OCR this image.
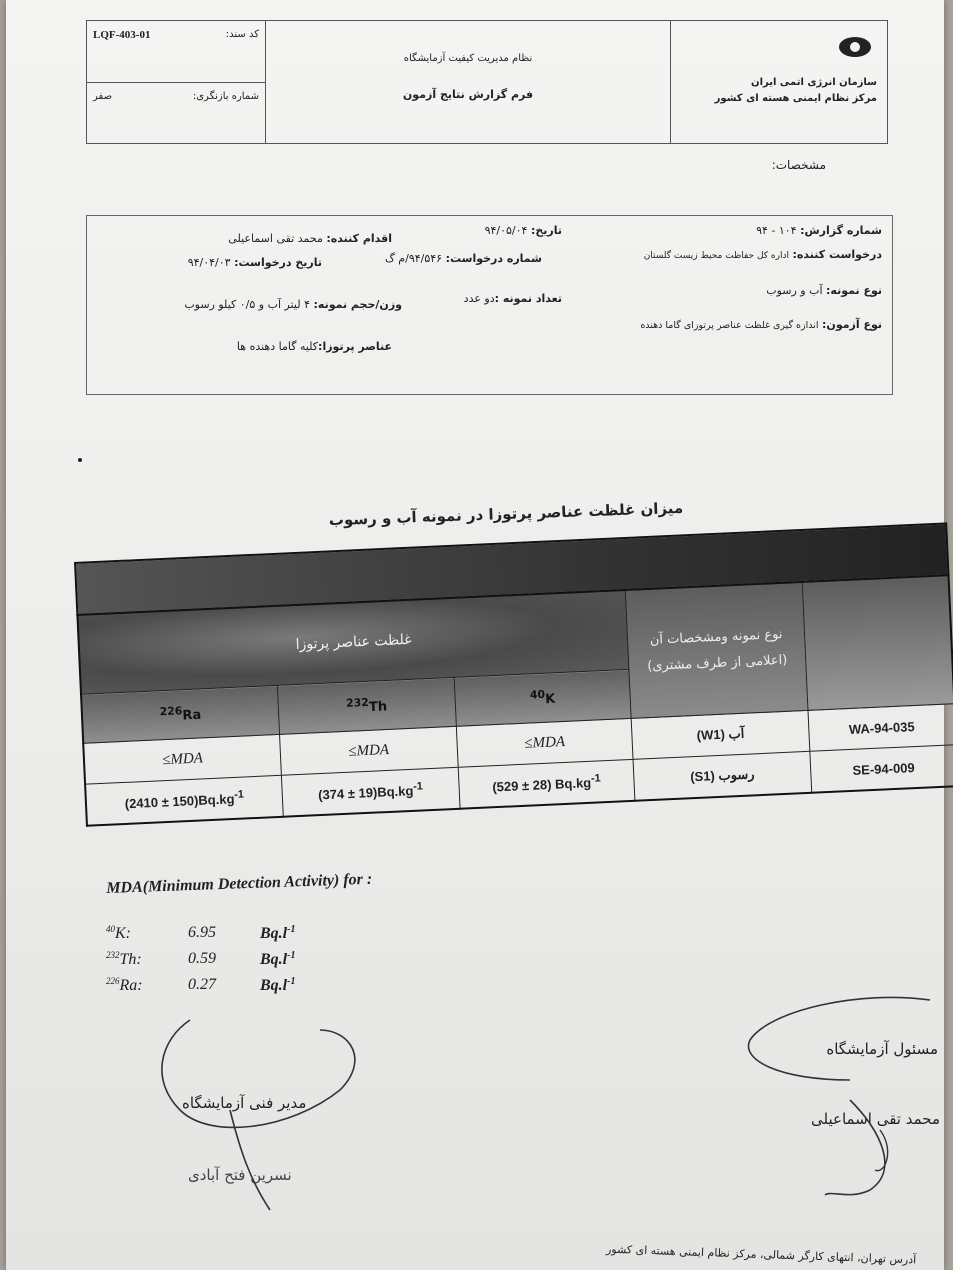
کد سند:
LQF-403-01
شماره بازنگری:
صفر
نظام مدیریت کیفیت آزمایشگاه
فرم گزارش نتایج آزمون
سازمان انرژی اتمی ایران
مرکز نظام ایمنی هسته ای کشور
مشخصات:
شماره گزارش: ۱۰۴ - ۹۴
تاریخ: ۹۴/۰۵/۰۴
اقدام کننده: محمد تقی اسماعیلی
درخواست کننده: اداره کل حفاظت محیط زیست گلستان
شماره درخواست: ۹۴/۵۴۶/م گ
تاریخ درخواست: ۹۴/۰۴/۰۳
نوع نمونه: آب و رسوب
تعداد نمونه :دو عدد
وزن/حجم نمونه: ۴ لیتر آب و ۰/۵ کیلو رسوب
نوع آزمون: اندازه گیری غلظت عناصر پرتوزای گاما دهنده
عناصر پرتوزا:کلیه گاما دهنده ها
میزان غلظت عناصر پرتوزا در نمونه آب و رسوب
غلظت عناصر پرتوزا			نوع نمونه ومشخصات آن (اعلامی از طرف مشتری)	
$^{226}$Ra	$^{232}$Th	$^{40}$K		
≤MDA	≤MDA	≤MDA	آب (W1)	WA-94-035
$(2410 \pm 150)Bq.kg^{-1}$	$(374 \pm 19)Bq.kg^{-1}$	(529 ± 28) $Bq.kg^{-1}$	رسوب (S1)	SE-94-009
MDA(Minimum Detection Activity) for :
$^{40}$K:	6.95	$Bq.l^{-1}$
$^{232}$Th:	0.59	$Bq.l^{-1}$
$^{226}$Ra:	0.27	$Bq.l^{-1}$
مسئول آزمایشگاه
محمد تقی اسماعیلی
مدیر فنی آزمایشگاه
نسرین فتح آبادی
آدرس تهران، انتهای کارگر شمالی، مرکز نظام ایمنی هسته ای کشور
